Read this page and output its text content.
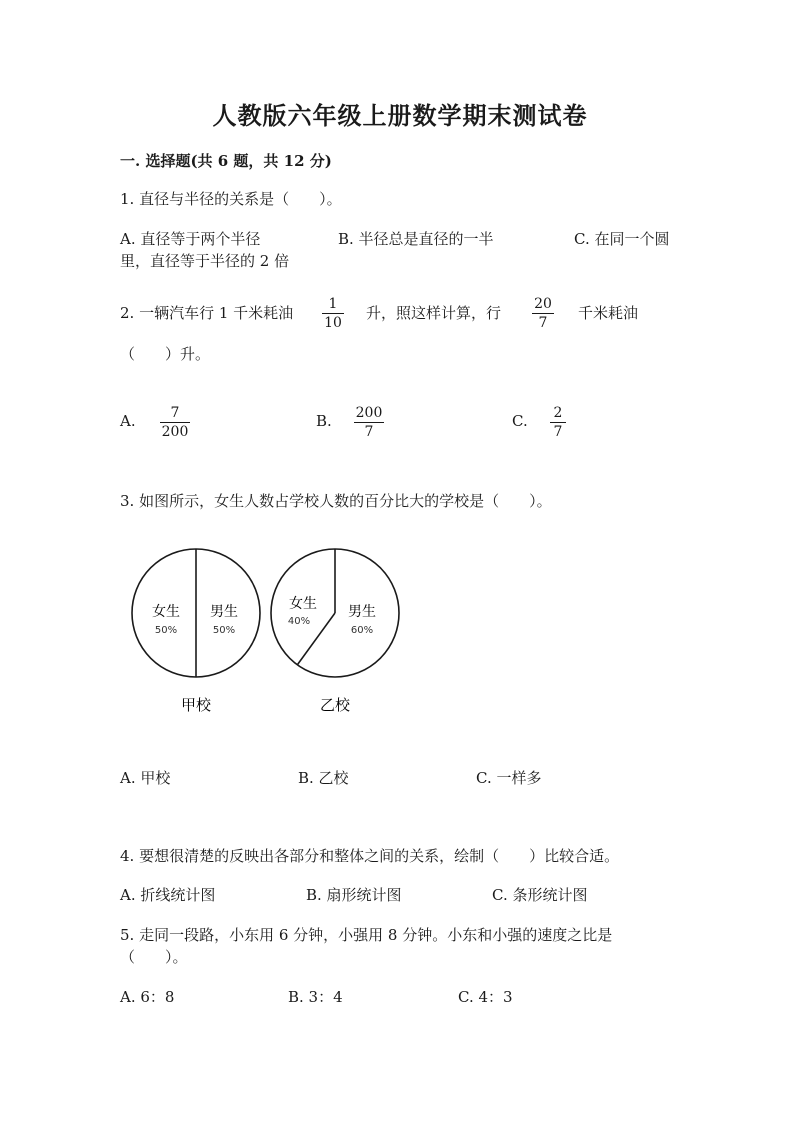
人教版六年级上册数学期末测试卷
一. 选择题(共 6 题，共 12 分)
1. 直径与半径的关系是（　　）。
A. 直径等于两个半径	B. 半径总是直径的一半	C. 在同一个圆
里，直径等于半径的 2 倍
2. 一辆汽车行 1 千米耗油	1
10
升，照这样计算，行 20
7
千米耗油
（　　）升。
A. 7
200
B. 200
7
C. 2
7
3. 如图所示，女生人数占学校人数的百分比大的学校是（　　）。
女生
50%
男生
50%
甲校
女生
40%
男生
60%
乙校
A. 甲校	B. 乙校	C. 一样多
4. 要想很清楚的反映出各部分和整体之间的关系，绘制（　　）比较合适。
A. 折线统计图	B. 扇形统计图	C. 条形统计图
5. 走同一段路，小东用 6 分钟，小强用 8 分钟。小东和小强的速度之比是
（　　）。
A. 6：8	B. 3：4	C. 4：3
